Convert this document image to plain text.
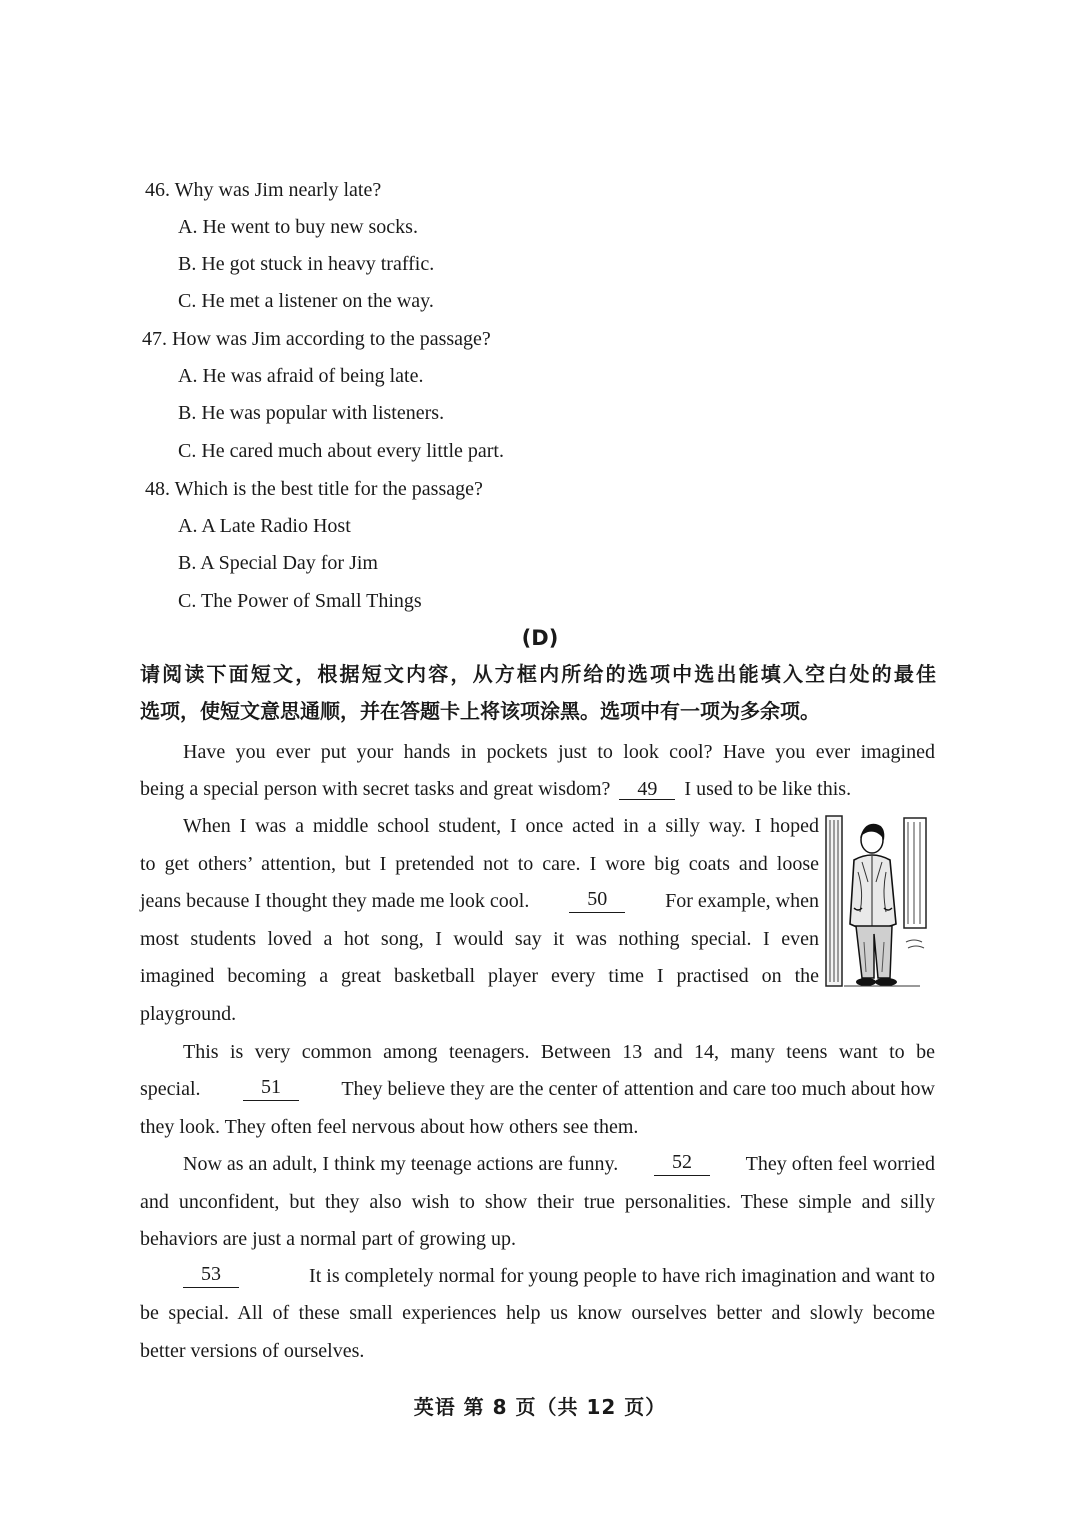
46. Why was Jim nearly late?
A. He went to buy new socks.
B. He got stuck in heavy traffic.
C. He met a listener on the way.
47. How was Jim according to the passage?
A. He was afraid of being late.
B. He was popular with listeners.
C. He cared much about every little part.
48. Which is the best title for the passage?
A. A Late Radio Host
B. A Special Day for Jim
C. The Power of Small Things
(D)
请阅读下面短文，根据短文内容，从方框内所给的选项中选出能填入空白处的最佳
选项，使短文意思通顺，并在答题卡上将该项涂黑。选项中有一项为多余项。
Have you ever put your hands in pockets just to look cool? Have you ever imagined
being a special person with secret tasks and great wisdom? 49 I used to be like this.
When I was a middle school student, I once acted in a silly way. I hoped
to get others’ attention, but I pretended not to care. I wore big coats and loose
jeans because I thought they made me look cool.	50	For example, when
most students loved a hot song, I would say it was nothing special. I even
imagined becoming a great basketball player every time I practised on the
playground.
This is very common among teenagers. Between 13 and 14, many teens want to be
special.	51	They believe they are the center of attention and care too much about how
they look. They often feel nervous about how others see them.
Now as an adult, I think my teenage actions are funny.	52	They often feel worried
and unconfident, but they also wish to show their true personalities. These simple and silly
behaviors are just a normal part of growing up.
53	It is completely normal for young people to have rich imagination and want to
be special. All of these small experiences help us know ourselves better and slowly become
better versions of ourselves.
英语 第 8 页（共 12 页）
